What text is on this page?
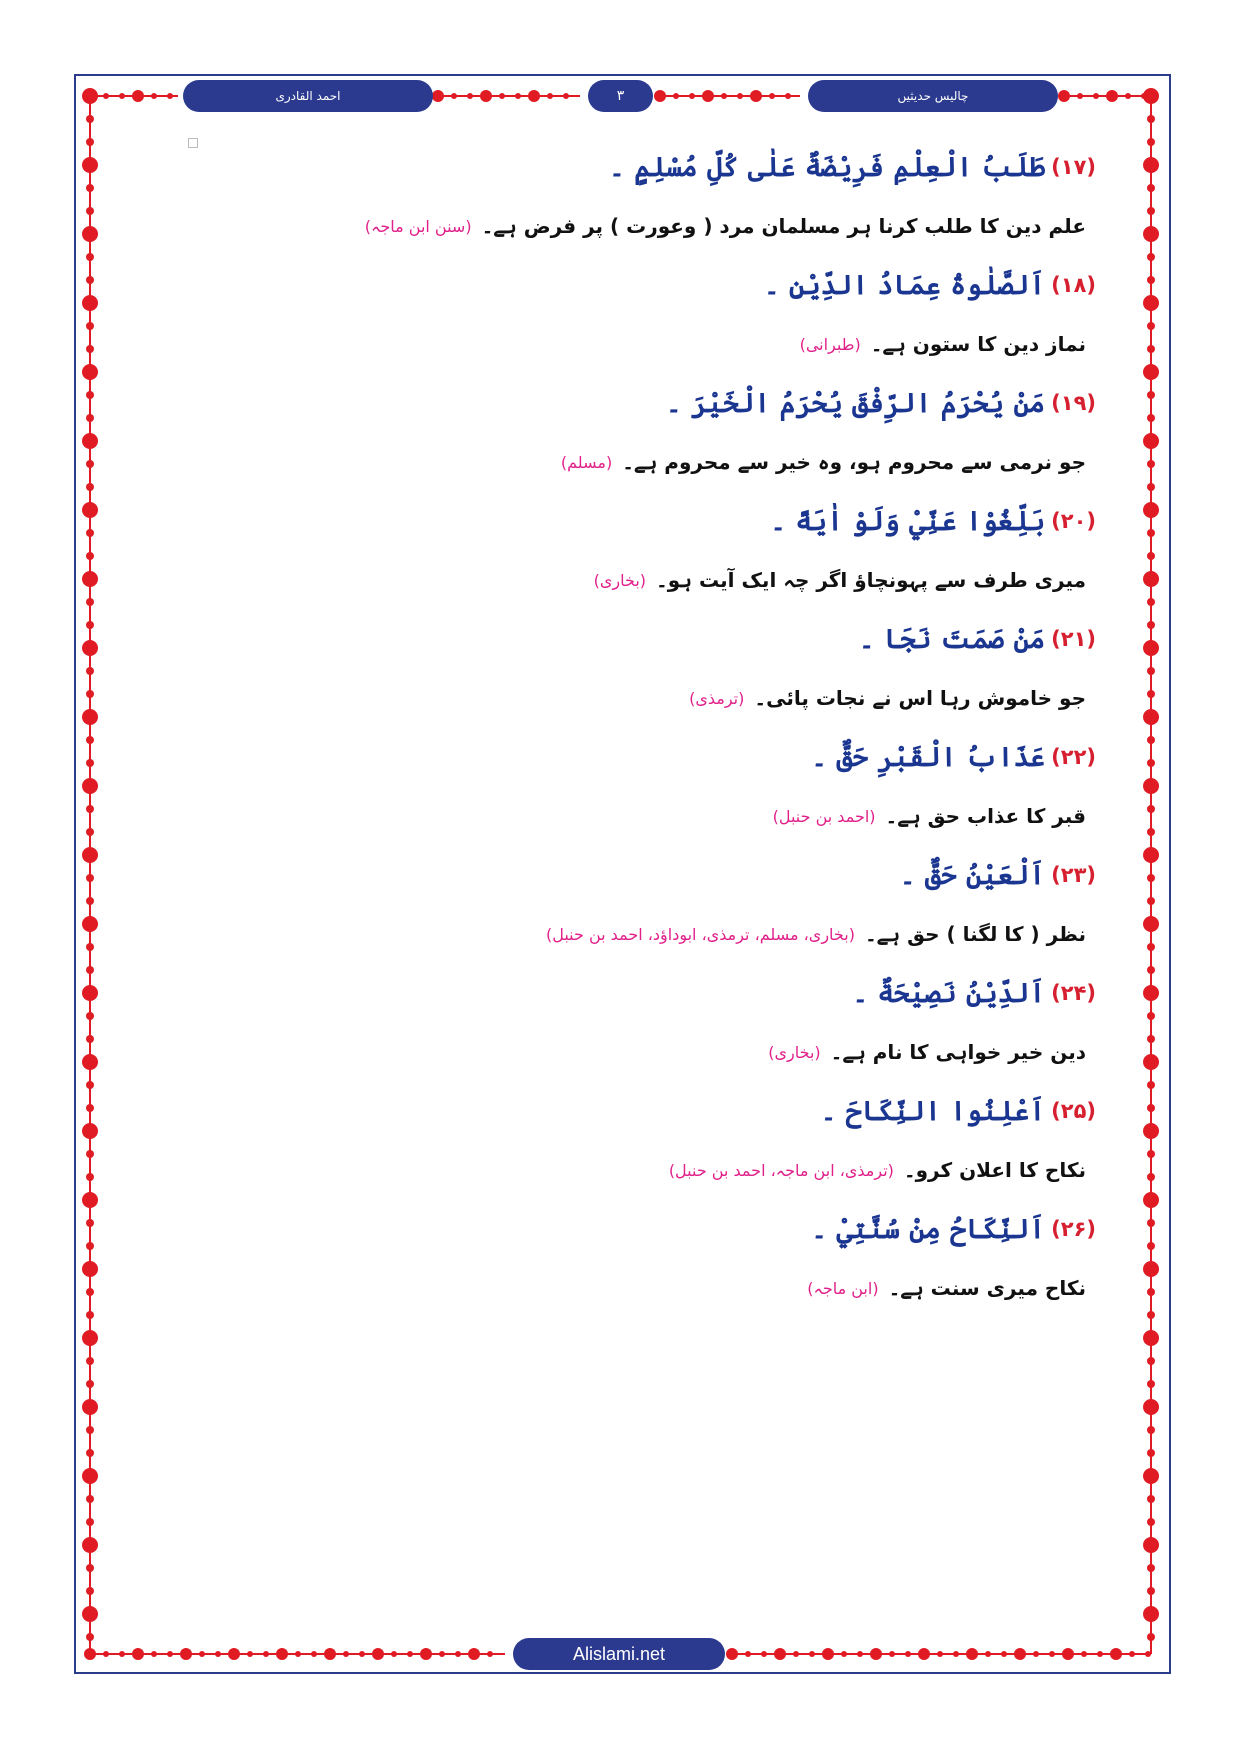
احمد القادری	۳	چالیس حدیثیں
Alislami.net
(۱۷)
طَلَبُ الْعِلْمِ فَرِيْضَةٌ عَلٰى كُلِّ مُسْلِمٍ ۔
علم دین کا طلب کرنا ہر مسلمان مرد ( وعورت ) پر فرض ہے۔
(سنن ابن ماجہ)
(۱۸)
اَلصَّلٰوةُ عِمَادُ الدِّيْنِ ۔
نماز دین کا ستون ہے۔
(طبرانی)
(۱۹)
مَنْ يُحْرَمُ الرِّفْقَ يُحْرَمُ الْخَيْرَ ۔
جو نرمی سے محروم ہو، وہ خیر سے محروم ہے۔
(مسلم)
(۲۰)
بَلِّغُوْا عَنِّيْ وَلَوْ اٰيَةً ۔
میری طرف سے پہونچاؤ اگر چہ ایک آیت ہو۔
(بخاری)
(۲۱)
مَنْ صَمَتَ نَجَا ۔
جو خاموش رہا اس نے نجات پائی۔
(ترمذی)
(۲۲)
عَذَابُ الْقَبْرِ حَقٌّ ۔
قبر کا عذاب حق ہے۔
(احمد بن حنبل)
(۲۳)
اَلْعَيْنُ حَقٌّ ۔
نظر ( کا لگنا ) حق ہے۔
(بخاری، مسلم، ترمذی، ابوداؤد، احمد بن حنبل)
(۲۴)
اَلدِّيْنُ نَصِيْحَةٌ ۔
دین خیر خواہی کا نام ہے۔
(بخاری)
(۲۵)
اَعْلِنُوا النِّكَاحَ ۔
نکاح کا اعلان کرو۔
(ترمذی، ابن ماجہ، احمد بن حنبل)
(۲۶)
اَلنِّكَاحُ مِنْ سُنَّتِيْ ۔
نکاح میری سنت ہے۔
(ابن ماجہ)
